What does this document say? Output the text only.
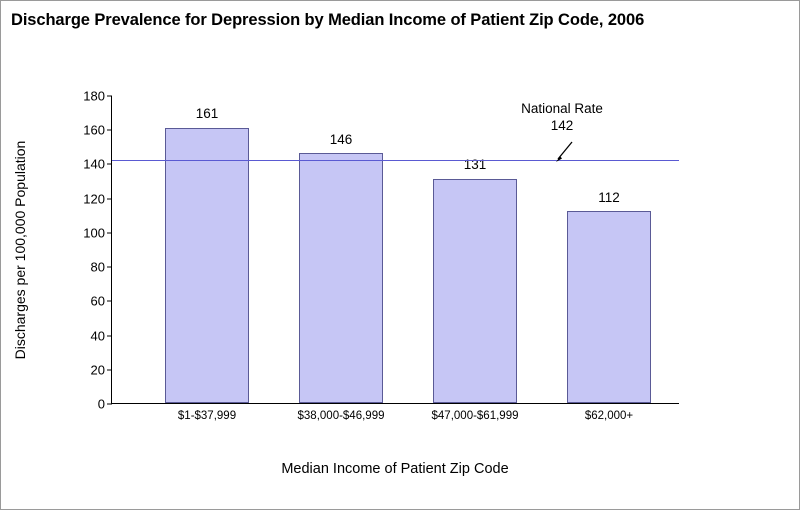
Discharge Prevalence for Depression by Median Income of Patient Zip Code, 2006
Discharges per 100,000 Population
0
20
40
60
80
100
120
140
160
180
161
$1-$37,999
146
$38,000-$46,999
131
$47,000-$61,999
112
$62,000+
National Rate
142
Median Income of Patient Zip Code
